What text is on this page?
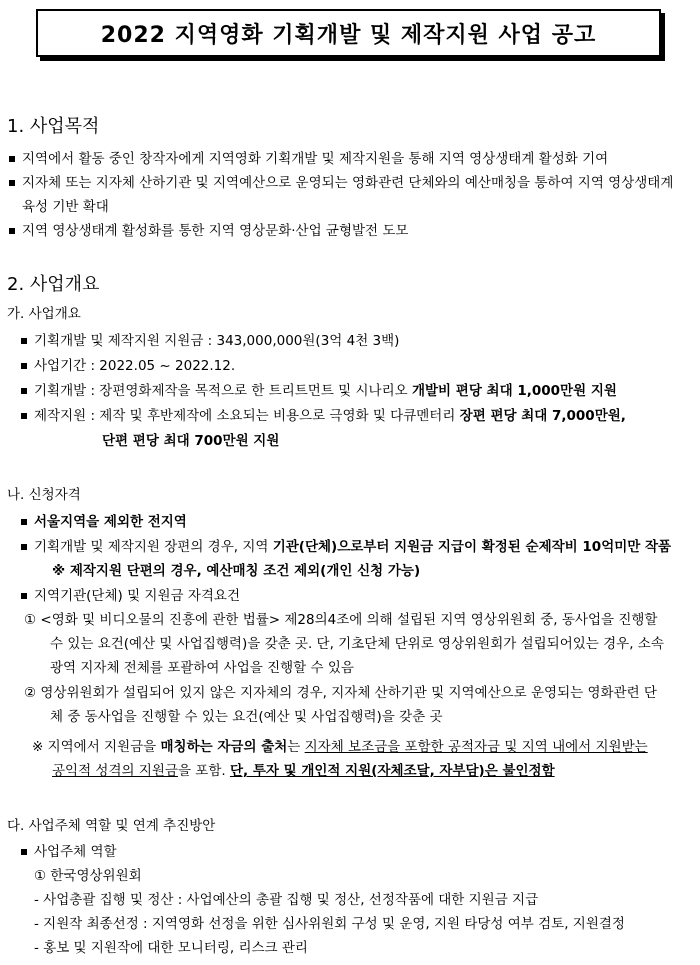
2022 지역영화 기획개발 및 제작지원 사업 공고
1. 사업목적
지역에서 활동 중인 창작자에게 지역영화 기획개발 및 제작지원을 통해 지역 영상생태계 활성화 기여
지자체 또는 지자체 산하기관 및 지역예산으로 운영되는 영화관련 단체와의 예산매칭을 통하여 지역 영상생태계
육성 기반 확대
지역 영상생태계 활성화를 통한 지역 영상문화·산업 균형발전 도모
2. 사업개요
가. 사업개요
기획개발 및 제작지원 지원금 : 343,000,000원(3억 4천 3백)
사업기간 : 2022.05 ~ 2022.12.
기획개발 : 장편영화제작을 목적으로 한 트리트먼트 및 시나리오 개발비 편당 최대 1,000만원 지원
제작지원 : 제작 및 후반제작에 소요되는 비용으로 극영화 및 다큐멘터리 장편 편당 최대 7,000만원,
단편 편당 최대 700만원 지원
나. 신청자격
서울지역을 제외한 전지역
기획개발 및 제작지원 장편의 경우, 지역 기관(단체)으로부터 지원금 지급이 확정된 순제작비 10억미만 작품
※ 제작지원 단편의 경우, 예산매칭 조건 제외(개인 신청 가능)
지역기관(단체) 및 지원금 자격요건
① <영화 및 비디오물의 진흥에 관한 법률> 제28의4조에 의해 설립된 지역 영상위원회 중, 동사업을 진행할
수 있는 요건(예산 및 사업집행력)을 갖춘 곳. 단, 기초단체 단위로 영상위원회가 설립되어있는 경우, 소속
광역 지자체 전체를 포괄하여 사업을 진행할 수 있음
② 영상위원회가 설립되어 있지 않은 지자체의 경우, 지자체 산하기관 및 지역예산으로 운영되는 영화관련 단
체 중 동사업을 진행할 수 있는 요건(예산 및 사업집행력)을 갖춘 곳
※ 지역에서 지원금을 매칭하는 자금의 출처는 지자체 보조금을 포함한 공적자금 및 지역 내에서 지원받는
공익적 성격의 지원금을 포함. 단, 투자 및 개인적 지원(자체조달, 자부담)은 불인정함
다. 사업주체 역할 및 연계 추진방안
사업주체 역할
① 한국영상위원회
- 사업총괄 집행 및 정산 : 사업예산의 총괄 집행 및 정산, 선정작품에 대한 지원금 지급
- 지원작 최종선정 : 지역영화 선정을 위한 심사위원회 구성 및 운영, 지원 타당성 여부 검토, 지원결정
- 홍보 및 지원작에 대한 모니터링, 리스크 관리
